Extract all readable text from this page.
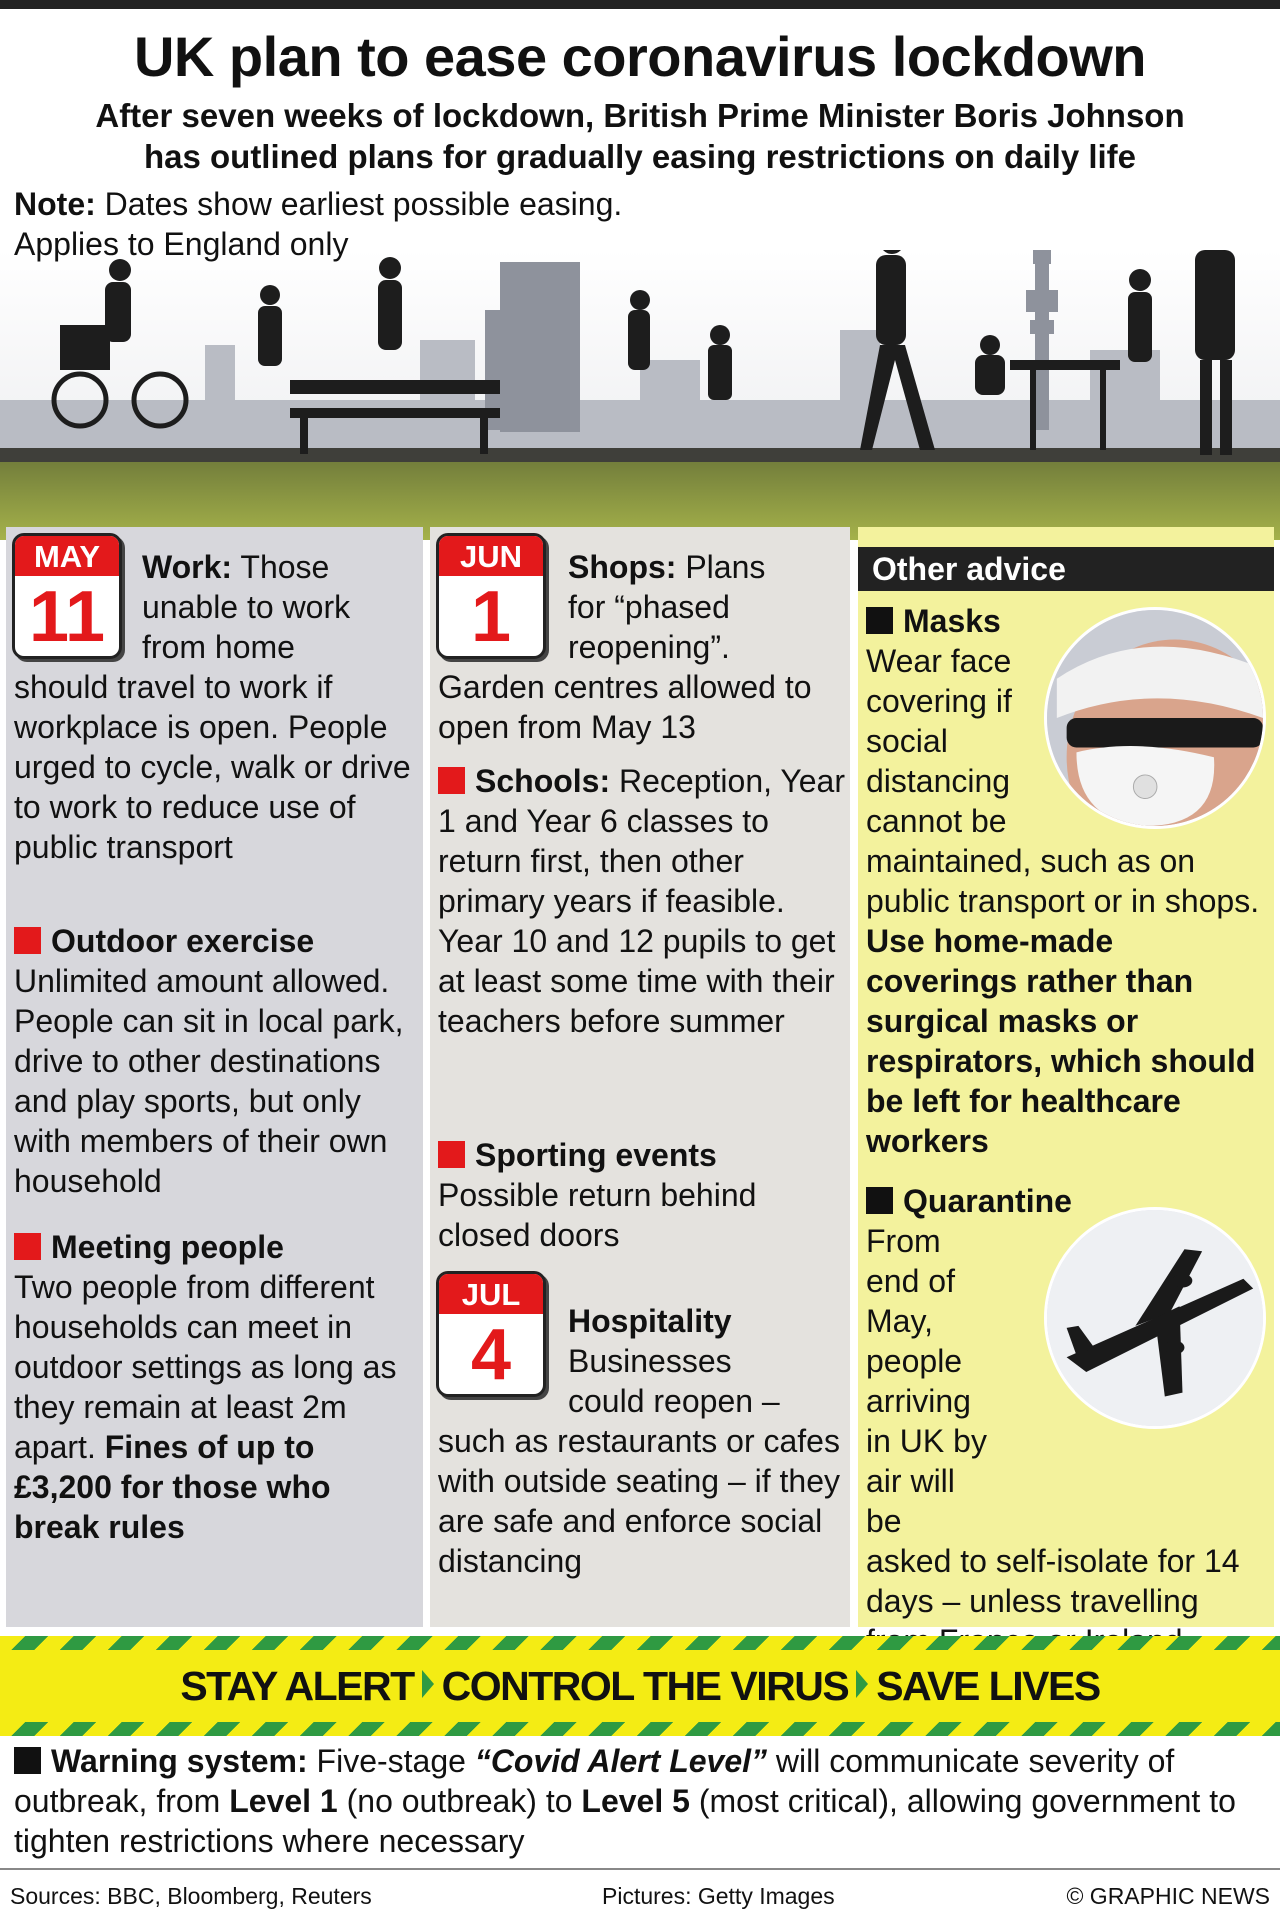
UK plan to ease coronavirus lockdown
After seven weeks of lockdown, British Prime Minister Boris Johnson
has outlined plans for gradually easing restrictions on daily life
Note: Dates show earliest possible easing.
Applies to England only
MAY
11
Work: Those
unable to work
from home
should travel to work if workplace is open. People urged to cycle, walk or drive to work to reduce use of public transport
Outdoor exercise
Unlimited amount allowed. People can sit in local park, drive to other destinations and play sports, but only with members of their own household
Meeting people
Two people from different households can meet in outdoor settings as long as they remain at least 2m apart. Fines of up to £3,200 for those who break rules
JUN
1
Shops: Plans
for “phased
reopening”.
Garden centres allowed to open from May 13
Schools: Reception, Year 1 and Year 6 classes to return first, then other primary years if feasible. Year 10 and 12 pupils to get at least some time with their teachers before summer
Sporting events
Possible return behind closed doors
JUL
4	Hospitality
Businesses
could reopen –
such as restaurants or cafes with outside seating – if they are safe and enforce social distancing
Other advice
Masks
Wear face covering if social distancing cannot be
maintained, such as on public transport or in shops. Use home-made coverings rather than surgical masks or respirators, which should be left for healthcare workers
Quarantine
From end of May, people arriving in UK by air will be
asked to self-isolate for 14 days – unless travelling
STAY ALERT CONTROL THE VIRUS SAVE LIVES
Warning system: Five-stage “Covid Alert Level” will communicate severity of outbreak, from Level 1 (no outbreak) to Level 5 (most critical), allowing government to tighten restrictions where necessary
Sources: BBC, Bloomberg, Reuters	Pictures: Getty Images	© GRAPHIC NEWS
